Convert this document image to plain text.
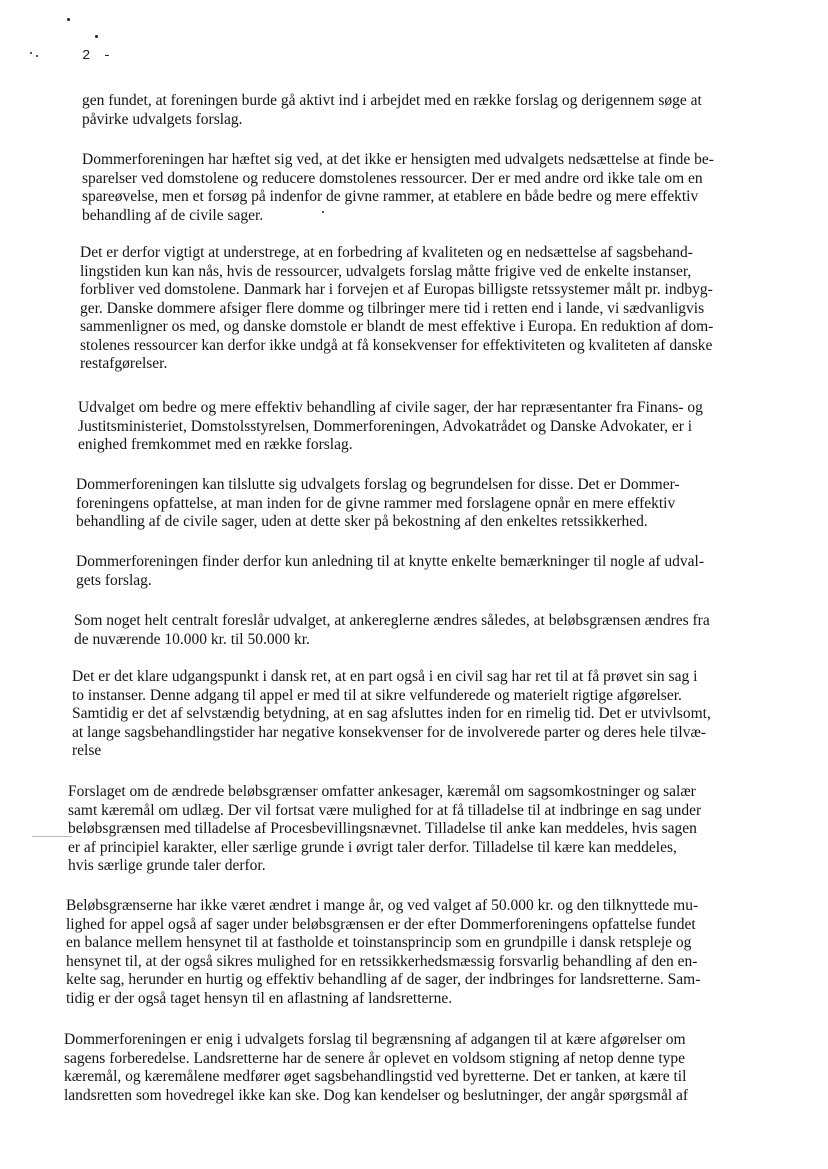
2 -

gen fundet, at foreningen burde gå aktivt ind i arbejdet med en række forslag og derigennem søge at
påvirke udvalgets forslag.

Dommerforeningen har hæftet sig ved, at det ikke er hensigten med udvalgets nedsættelse at finde be-
sparelser ved domstolene og reducere domstolenes ressourcer. Der er med andre ord ikke tale om en
spareøvelse, men et forsøg på indenfor de givne rammer, at etablere en både bedre og mere effektiv
behandling af de civile sager.

Det er derfor vigtigt at understrege, at en forbedring af kvaliteten og en nedsættelse af sagsbehand-
lingstiden kun kan nås, hvis de ressourcer, udvalgets forslag måtte frigive ved de enkelte instanser,
forbliver ved domstolene. Danmark har i forvejen et af Europas billigste retssystemer målt pr. indbyg-
ger. Danske dommere afsiger flere domme og tilbringer mere tid i retten end i lande, vi sædvanligvis
sammenligner os med, og danske domstole er blandt de mest effektive i Europa. En reduktion af dom-
stolenes ressourcer kan derfor ikke undgå at få konsekvenser for effektiviteten og kvaliteten af danske
restafgørelser.

Udvalget om bedre og mere effektiv behandling af civile sager, der har repræsentanter fra Finans- og
Justitsministeriet, Domstolsstyrelsen, Dommerforeningen, Advokatrådet og Danske Advokater, er i
enighed fremkommet med en række forslag.

Dommerforeningen kan tilslutte sig udvalgets forslag og begrundelsen for disse. Det er Dommer-
foreningens opfattelse, at man inden for de givne rammer med forslagene opnår en mere effektiv
behandling af de civile sager, uden at dette sker på bekostning af den enkeltes retssikkerhed.

Dommerforeningen finder derfor kun anledning til at knytte enkelte bemærkninger til nogle af udval-
gets forslag.

Som noget helt centralt foreslår udvalget, at ankereglerne ændres således, at beløbsgrænsen ændres fra
de nuværende 10.000 kr. til 50.000 kr.

Det er det klare udgangspunkt i dansk ret, at en part også i en civil sag har ret til at få prøvet sin sag i
to instanser. Denne adgang til appel er med til at sikre velfunderede og materielt rigtige afgørelser.
Samtidig er det af selvstændig betydning, at en sag afsluttes inden for en rimelig tid. Det er utvivlsomt,
at lange sagsbehandlingstider har negative konsekvenser for de involverede parter og deres hele tilvæ-
relse

Forslaget om de ændrede beløbsgrænser omfatter ankesager, kæremål om sagsomkostninger og salær
samt kæremål om udlæg. Der vil fortsat være mulighed for at få tilladelse til at indbringe en sag under
beløbsgrænsen med tilladelse af Procesbevillingsnævnet. Tilladelse til anke kan meddeles, hvis sagen
er af principiel karakter, eller særlige grunde i øvrigt taler derfor. Tilladelse til kære kan meddeles,
hvis særlige grunde taler derfor.

Beløbsgrænserne har ikke været ændret i mange år, og ved valget af 50.000 kr. og den tilknyttede mu-
lighed for appel også af sager under beløbsgrænsen er der efter Dommerforeningens opfattelse fundet
en balance mellem hensynet til at fastholde et toinstansprincip som en grundpille i dansk retspleje og
hensynet til, at der også sikres mulighed for en retssikkerhedsmæssig forsvarlig behandling af den en-
kelte sag, herunder en hurtig og effektiv behandling af de sager, der indbringes for landsretterne. Sam-
tidig er der også taget hensyn til en aflastning af landsretterne.

Dommerforeningen er enig i udvalgets forslag til begrænsning af adgangen til at kære afgørelser om
sagens forberedelse. Landsretterne har de senere år oplevet en voldsom stigning af netop denne type
kæremål, og kæremålene medfører øget sagsbehandlingstid ved byretterne. Det er tanken, at kære til
landsretten som hovedregel ikke kan ske. Dog kan kendelser og beslutninger, der angår spørgsmål af
